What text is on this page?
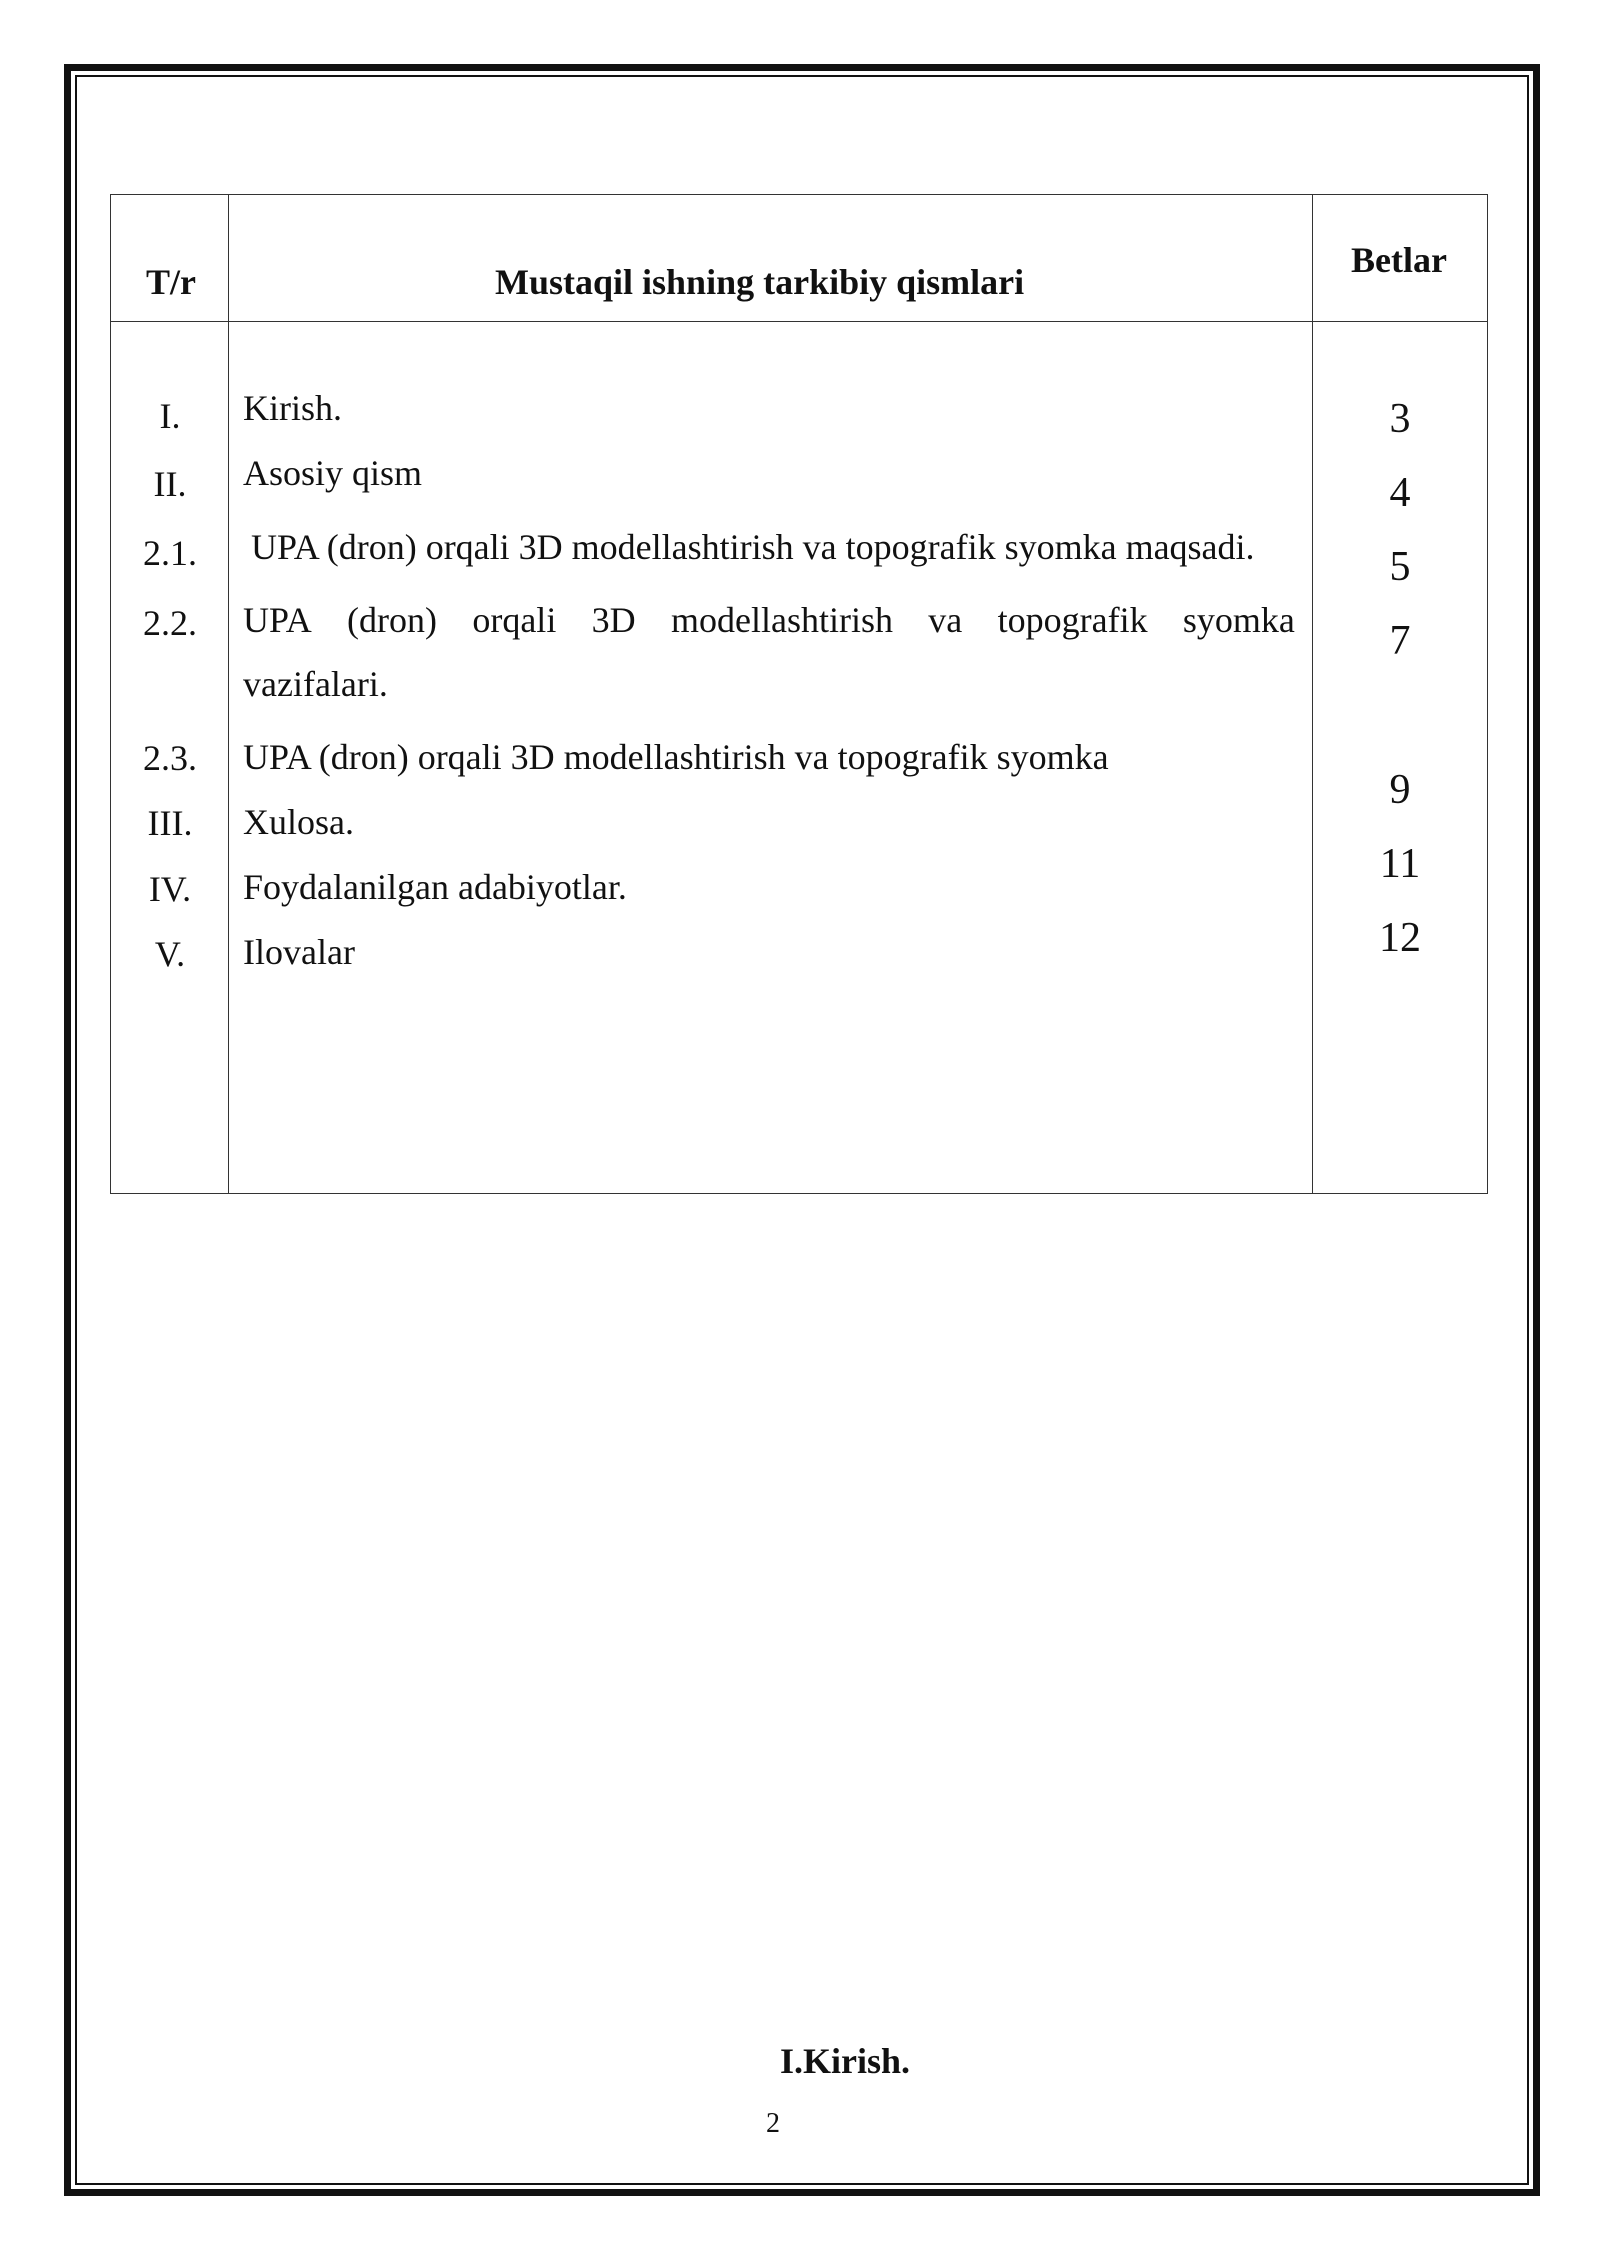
T/r	Mustaqil ishning tarkibiy qismlari
Betlar
I.
II.
2.1.
2.2.
2.3.
III.
IV.
V.
Kirish.
Asosiy qism
UPA (dron) orqali 3D modellashtirish va topografik syomka maqsadi.
UPA (dron) orqali 3D modellashtirish va topografik syomka
vazifalari.
UPA (dron) orqali 3D modellashtirish va topografik syomka
Xulosa.
Foydalanilgan adabiyotlar.
Ilovalar
3
4
5
7
9
11
12
I.Kirish.
2
